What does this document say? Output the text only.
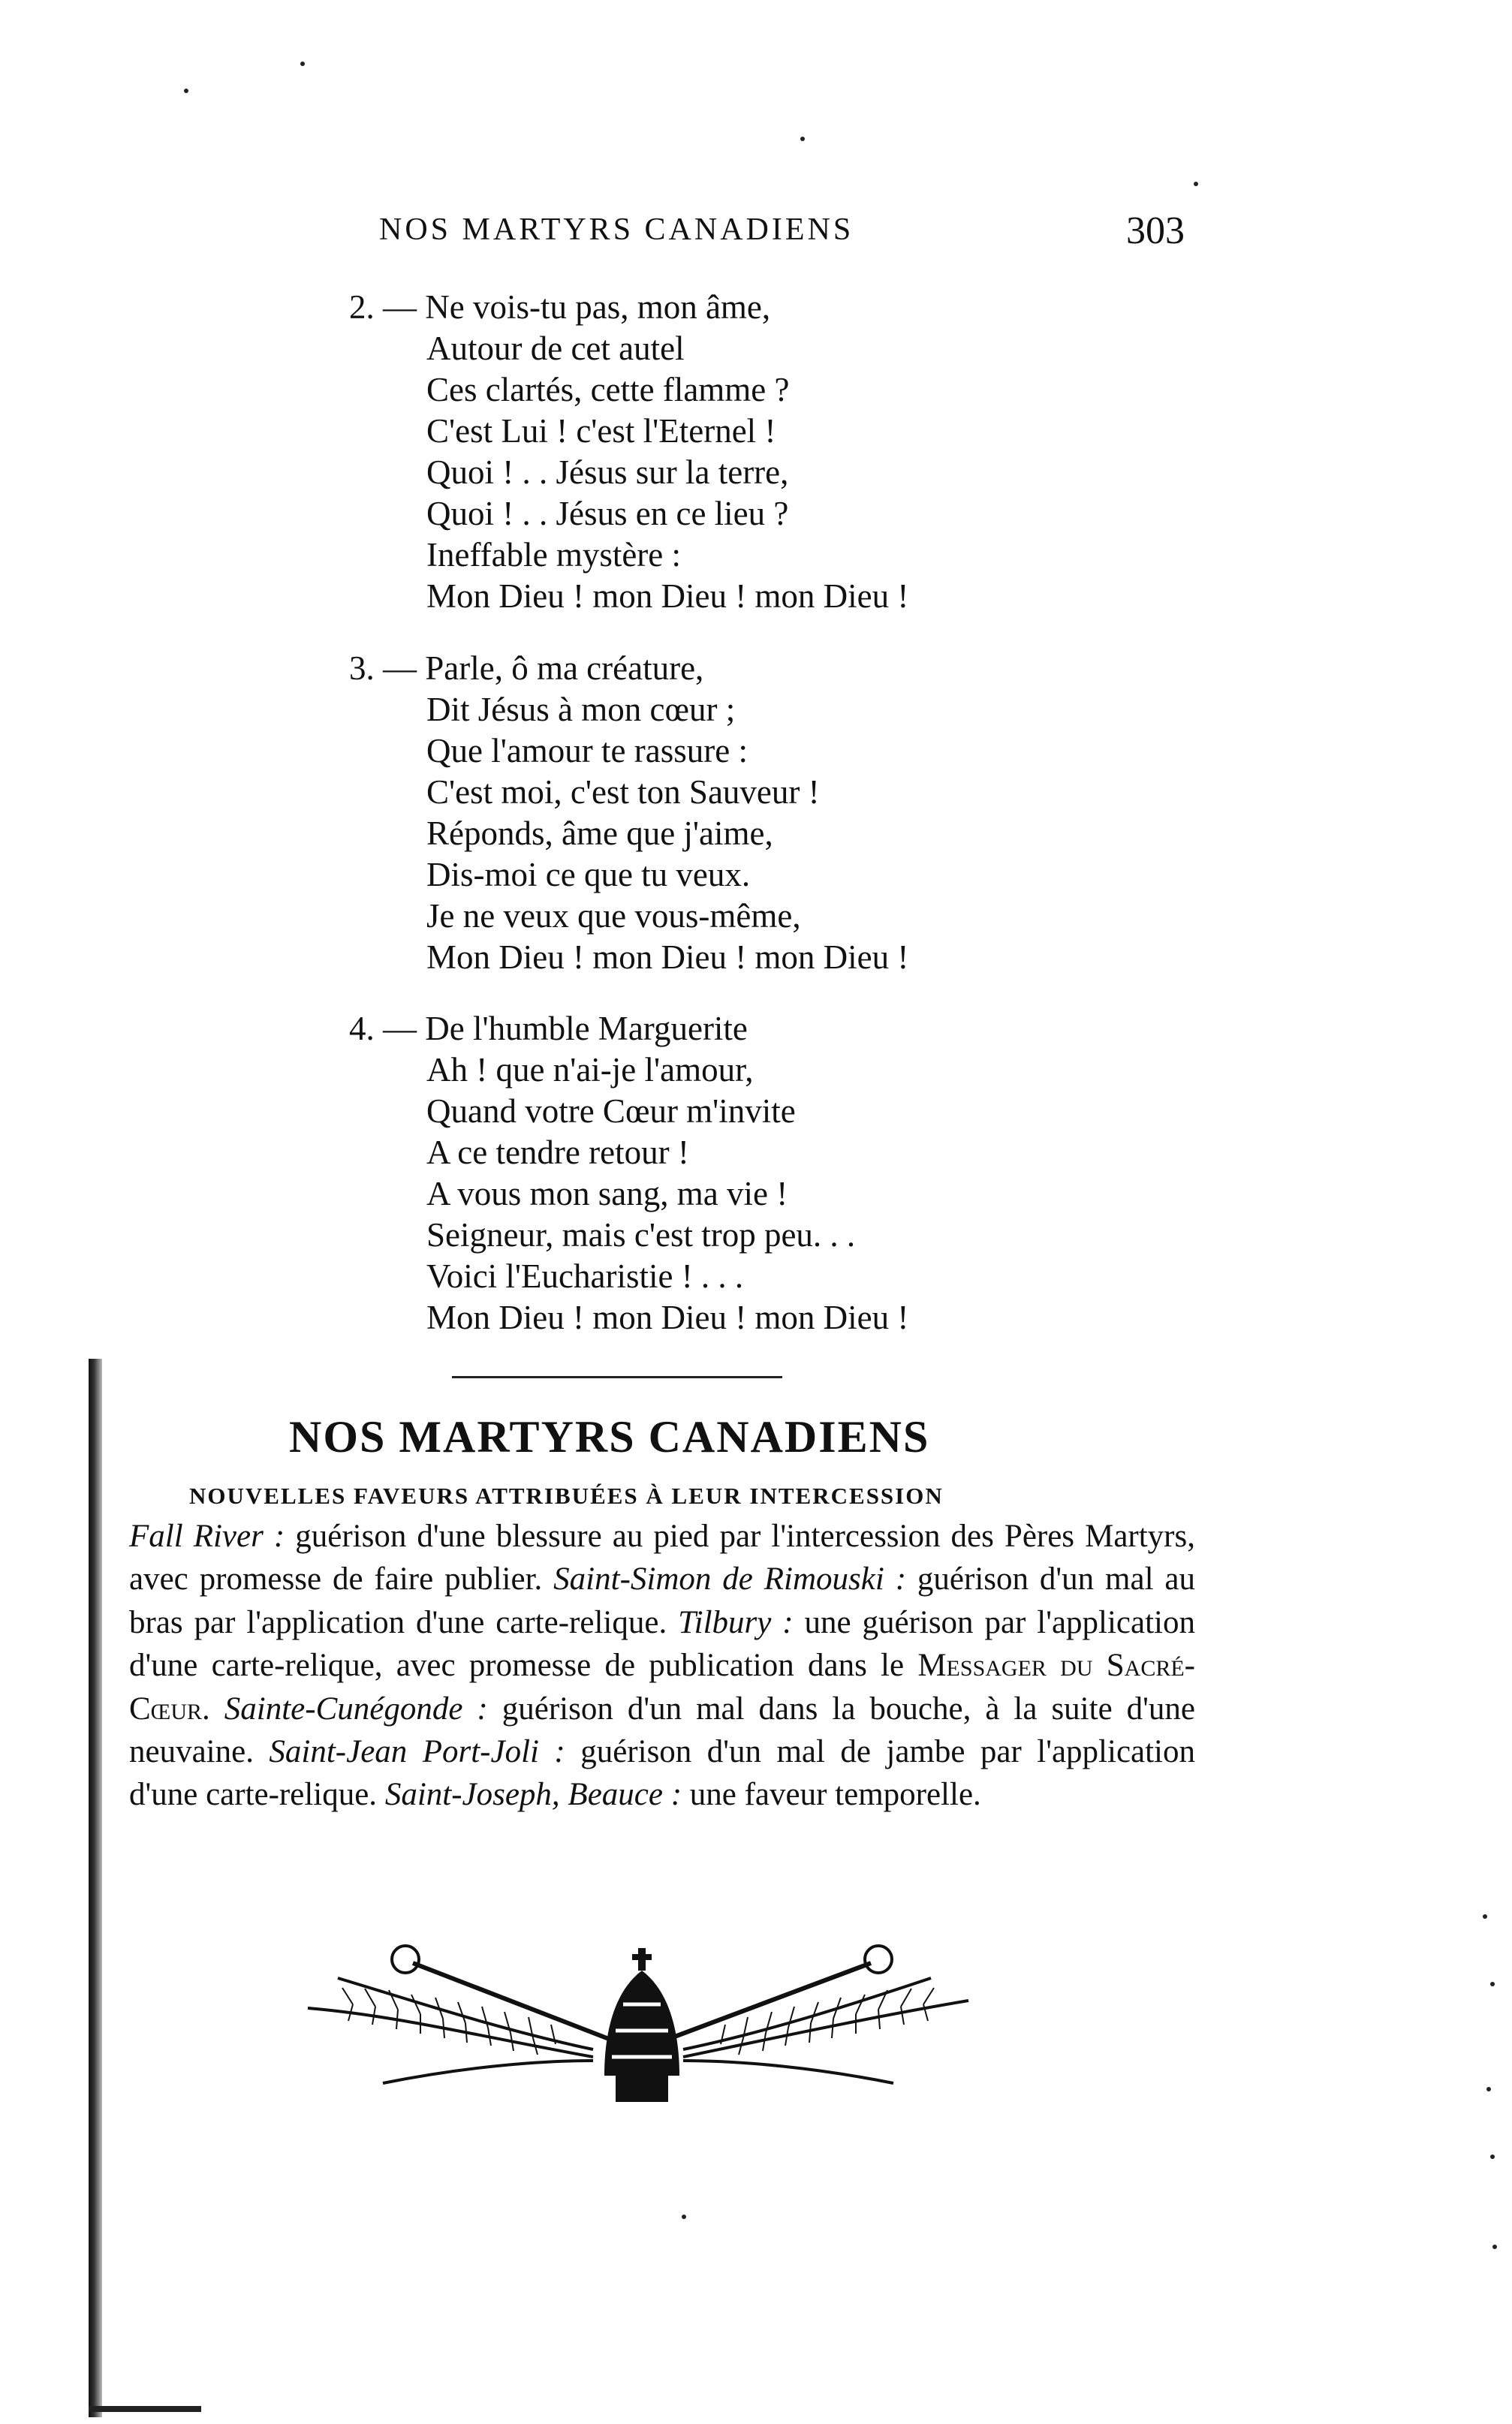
NOS MARTYRS CANADIENS	303
2. — Ne vois-tu pas, mon âme,
Autour de cet autel
Ces clartés, cette flamme ?
C'est Lui ! c'est l'Eternel !
Quoi ! . . Jésus sur la terre,
Quoi ! . . Jésus en ce lieu ?
Ineffable mystère :
Mon Dieu ! mon Dieu ! mon Dieu !
3. — Parle, ô ma créature,
Dit Jésus à mon cœur ;
Que l'amour te rassure :
C'est moi, c'est ton Sauveur !
Réponds, âme que j'aime,
Dis-moi ce que tu veux.
Je ne veux que vous-même,
Mon Dieu ! mon Dieu ! mon Dieu !
4. — De l'humble Marguerite
Ah ! que n'ai-je l'amour,
Quand votre Cœur m'invite
A ce tendre retour !
A vous mon sang, ma vie !
Seigneur, mais c'est trop peu. . .
Voici l'Eucharistie ! . . .
Mon Dieu ! mon Dieu ! mon Dieu !
NOS MARTYRS CANADIENS
NOUVELLES FAVEURS ATTRIBUÉES À LEUR INTERCESSION
Fall River : guérison d'une blessure au pied par l'intercession des Pères Martyrs, avec promesse de faire publier. Saint-Simon de Rimouski : guérison d'un mal au bras par l'application d'une carte-relique. Tilbury : une guérison par l'application d'une carte-relique, avec promesse de publication dans le Messager du Sacré-Cœur. Sainte-Cunégonde : guérison d'un mal dans la bouche, à la suite d'une neuvaine. Saint-Jean Port-Joli : guérison d'un mal de jambe par l'application d'une carte-relique. Saint-Joseph, Beauce : une faveur temporelle.
